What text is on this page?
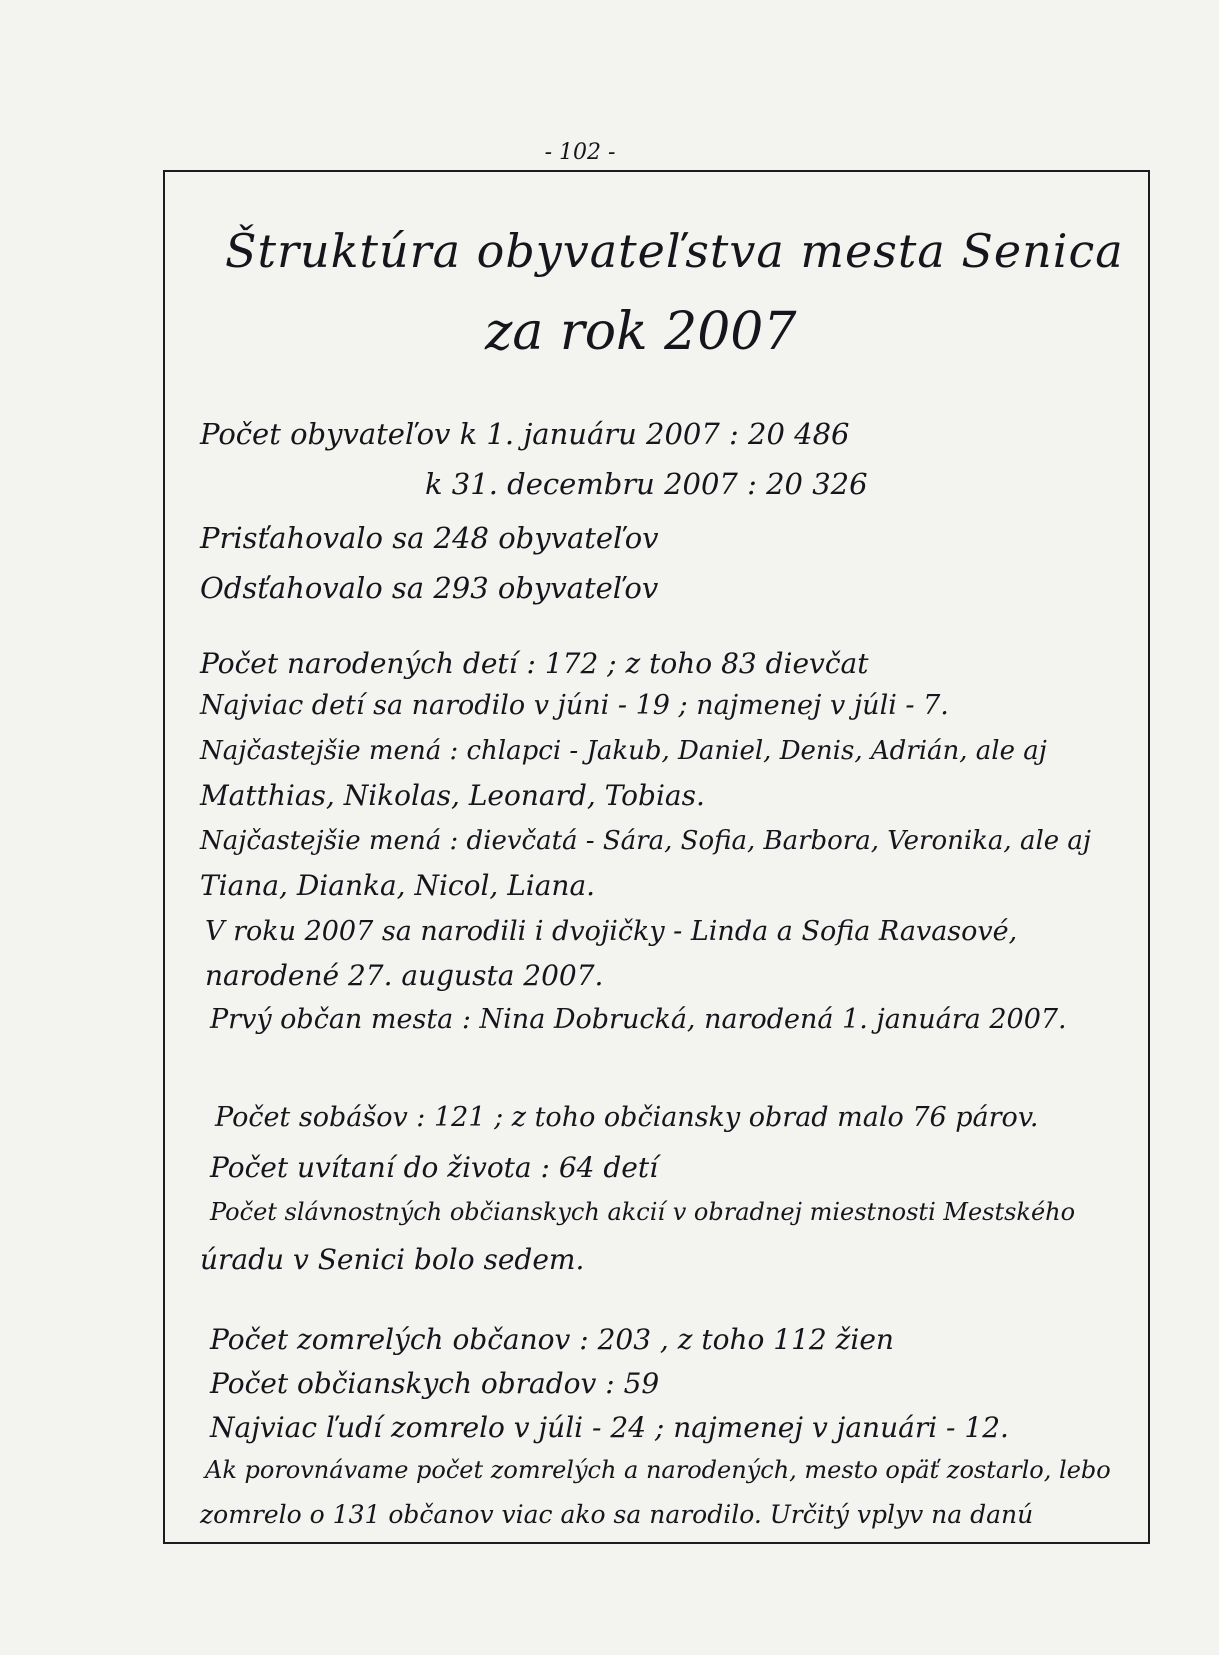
- 102 -
Štruktúra obyvateľstva mesta Senica
za rok 2007
Počet obyvateľov k 1. januáru 2007 : 20 486
k 31. decembru 2007 : 20 326
Prisťahovalo sa 248 obyvateľov
Odsťahovalo sa 293 obyvateľov
Počet narodených detí : 172 ; z toho 83 dievčat
Najviac detí sa narodilo v júni - 19 ; najmenej v júli - 7.
Najčastejšie mená : chlapci - Jakub, Daniel, Denis, Adrián, ale aj
Matthias, Nikolas, Leonard, Tobias.
Najčastejšie mená : dievčatá - Sára, Sofia, Barbora, Veronika, ale aj
Tiana, Dianka, Nicol, Liana.
V roku 2007 sa narodili i dvojičky - Linda a Sofia Ravasové,
narodené 27. augusta 2007.
Prvý občan mesta : Nina Dobrucká, narodená 1. januára 2007.
Počet sobášov : 121 ; z toho občiansky obrad malo 76 párov.
Počet uvítaní do života : 64 detí
Počet slávnostných občianskych akcií v obradnej miestnosti Mestského
úradu v Senici bolo sedem.
Počet zomrelých občanov : 203 , z toho 112 žien
Počet občianskych obradov : 59
Najviac ľudí zomrelo v júli - 24 ; najmenej v januári - 12.
Ak porovnávame počet zomrelých a narodených, mesto opäť zostarlo, lebo
zomrelo o 131 občanov viac ako sa narodilo. Určitý vplyv na danú
